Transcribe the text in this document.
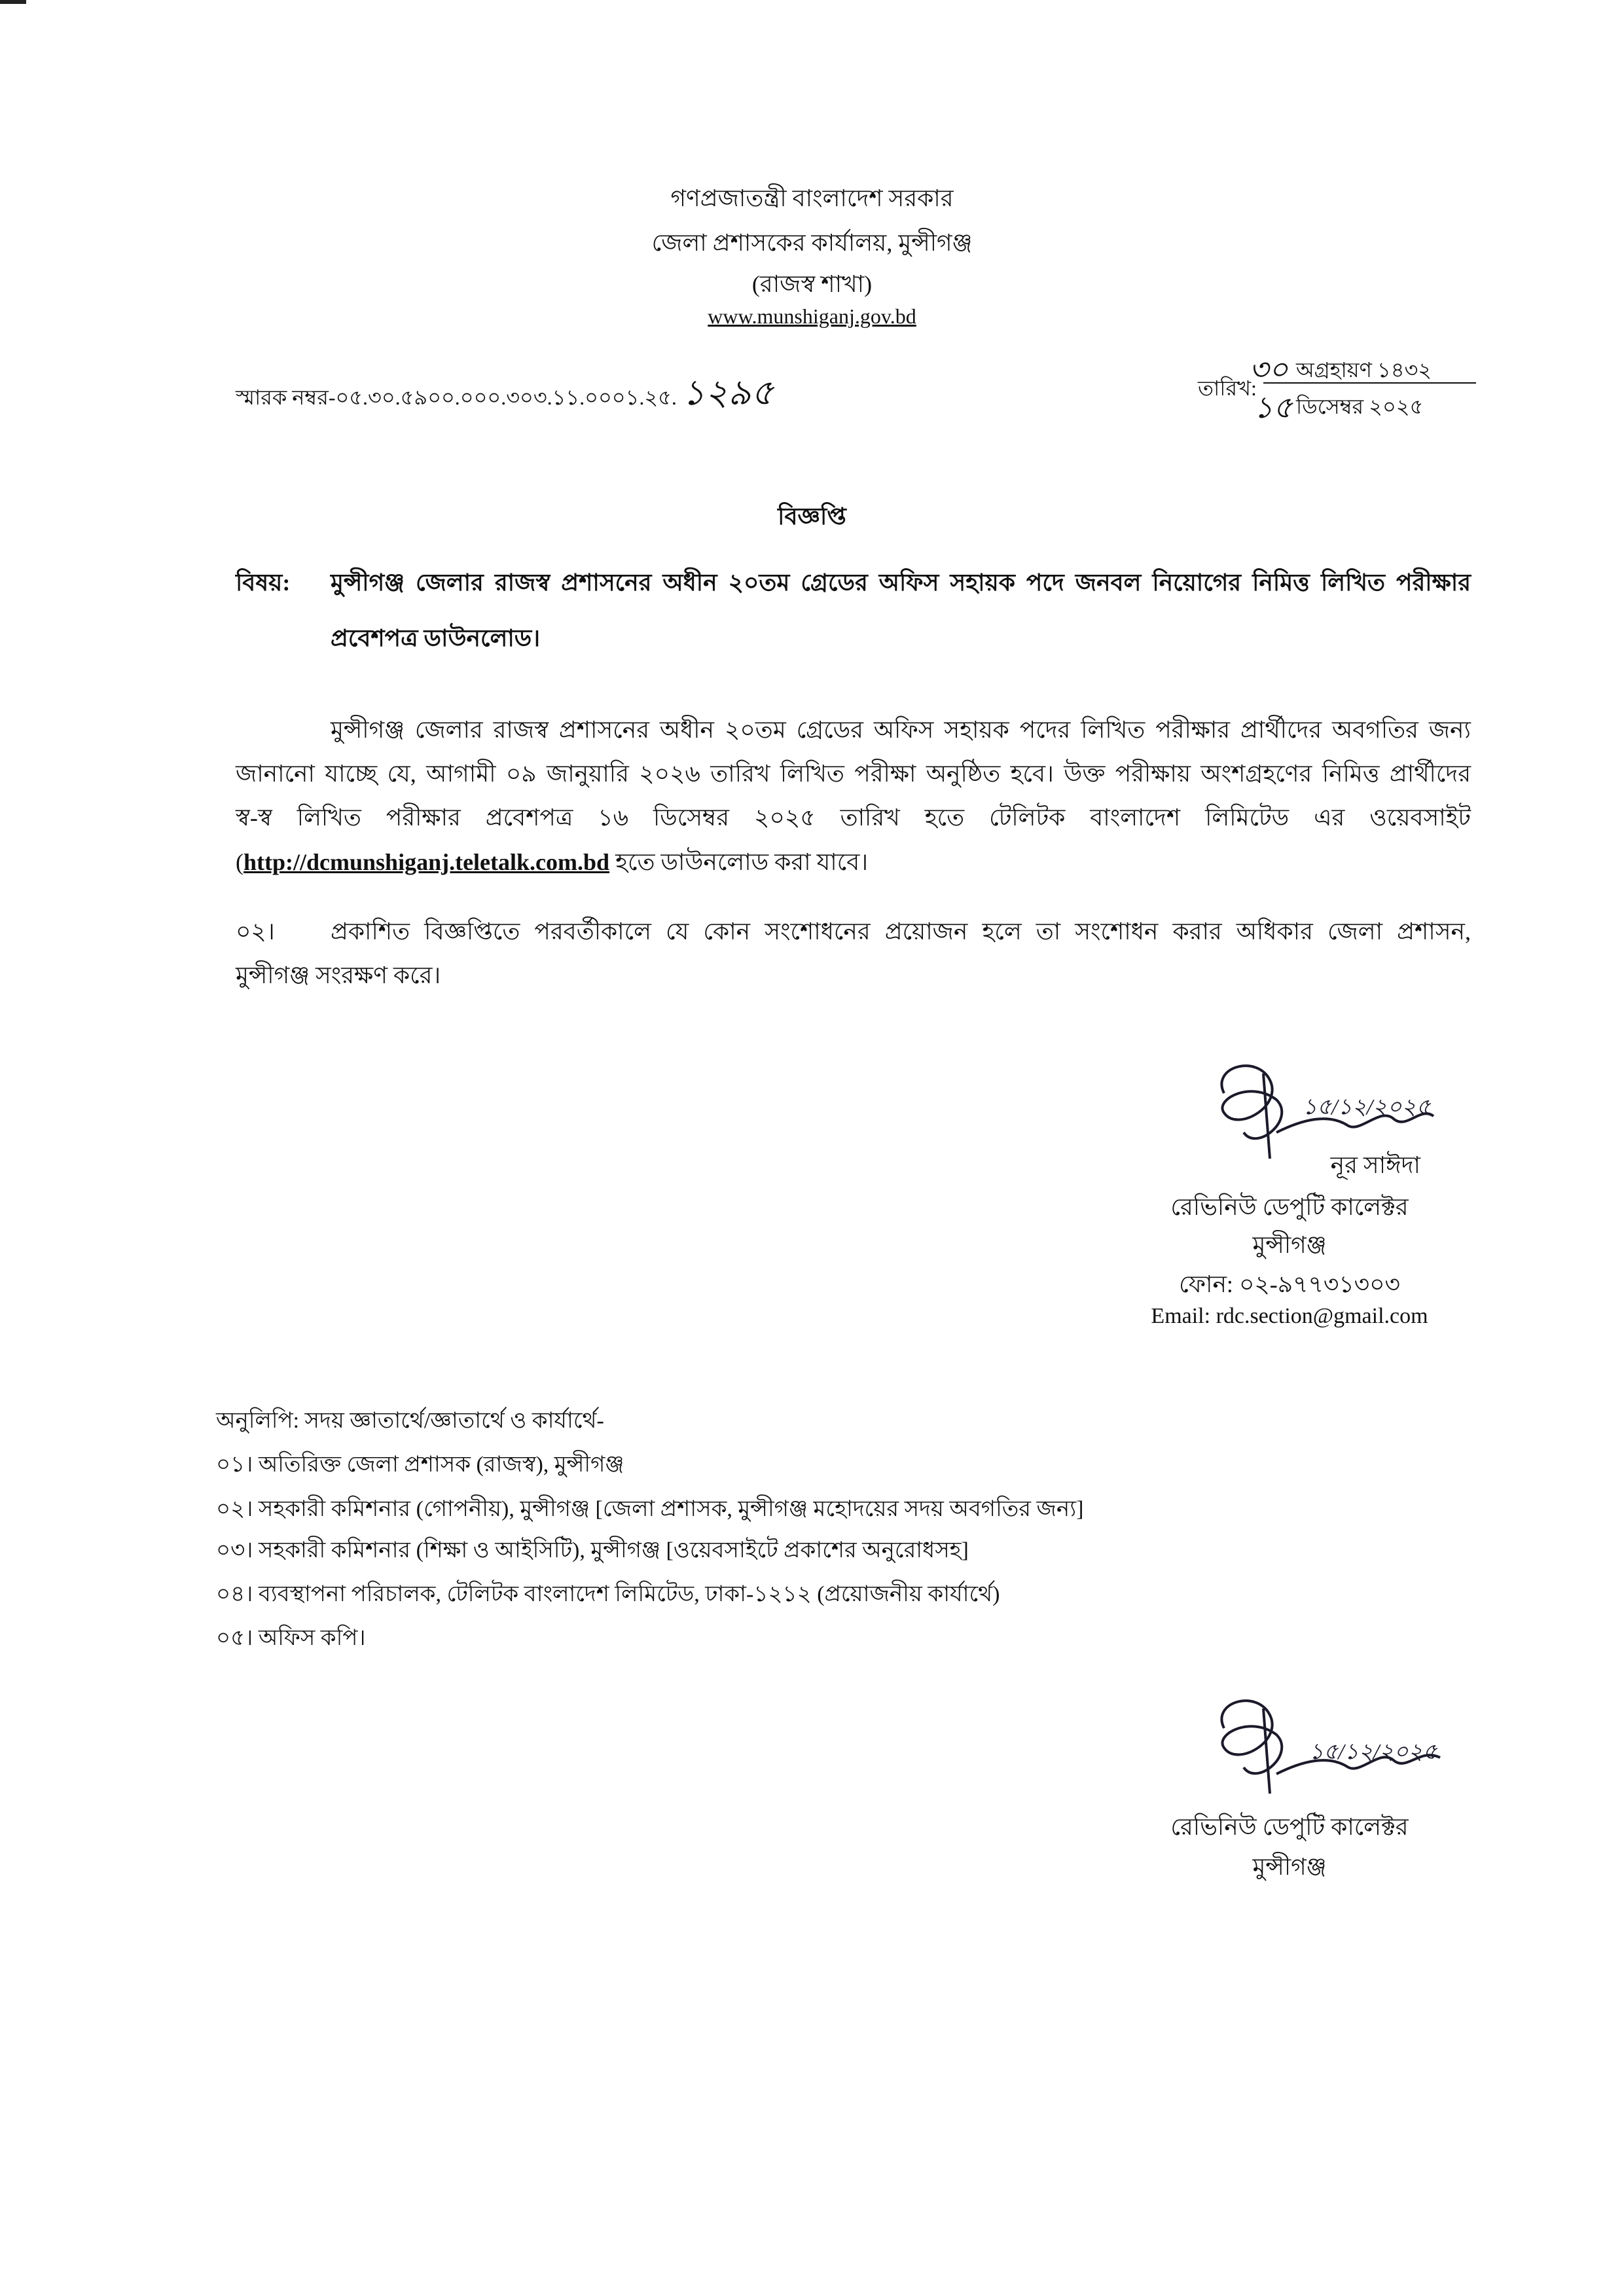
গণপ্রজাতন্ত্রী বাংলাদেশ সরকার
জেলা প্রশাসকের কার্যালয়, মুন্সীগঞ্জ
(রাজস্ব শাখা)
www.munshiganj.gov.bd
স্মারক নম্বর-০৫.৩০.৫৯০০.০০০.৩০৩.১১.০০০১.২৫. ১২৯৫	তারিখ:
৩০ অগ্রহায়ণ ১৪৩২
১৫ ডিসেম্বর ২০২৫
বিজ্ঞপ্তি
বিষয়: মুন্সীগঞ্জ জেলার রাজস্ব প্রশাসনের অধীন ২০তম গ্রেডের অফিস সহায়ক পদে জনবল নিয়োগের নিমিত্ত লিখিত পরীক্ষার
প্রবেশপত্র ডাউনলোড।
মুন্সীগঞ্জ জেলার রাজস্ব প্রশাসনের অধীন ২০তম গ্রেডের অফিস সহায়ক পদের লিখিত পরীক্ষার প্রার্থীদের অবগতির জন্য
জানানো যাচ্ছে যে, আগামী ০৯ জানুয়ারি ২০২৬ তারিখ লিখিত পরীক্ষা অনুষ্ঠিত হবে। উক্ত পরীক্ষায় অংশগ্রহণের নিমিত্ত প্রার্থীদের
স্ব-স্ব লিখিত পরীক্ষার প্রবেশপত্র ১৬ ডিসেম্বর ২০২৫ তারিখ হতে টেলিটক বাংলাদেশ লিমিটেড এর ওয়েবসাইট
(http://dcmunshiganj.teletalk.com.bd হতে ডাউনলোড করা যাবে।
০২। প্রকাশিত বিজ্ঞপ্তিতে পরবর্তীকালে যে কোন সংশোধনের প্রয়োজন হলে তা সংশোধন করার অধিকার জেলা প্রশাসন,
মুন্সীগঞ্জ সংরক্ষণ করে।
১৫/১২/২০২৫
নূর সাঈদা
রেভিনিউ ডেপুটি কালেক্টর
মুন্সীগঞ্জ
ফোন: ০২-৯৭৭৩১৩০৩
Email: rdc.section@gmail.com
অনুলিপি: সদয় জ্ঞাতার্থে/জ্ঞাতার্থে ও কার্যার্থে-
০১। অতিরিক্ত জেলা প্রশাসক (রাজস্ব), মুন্সীগঞ্জ
০২। সহকারী কমিশনার (গোপনীয়), মুন্সীগঞ্জ [জেলা প্রশাসক, মুন্সীগঞ্জ মহোদয়ের সদয় অবগতির জন্য]
০৩। সহকারী কমিশনার (শিক্ষা ও আইসিটি), মুন্সীগঞ্জ [ওয়েবসাইটে প্রকাশের অনুরোধসহ]
০৪। ব্যবস্থাপনা পরিচালক, টেলিটক বাংলাদেশ লিমিটেড, ঢাকা-১২১২ (প্রয়োজনীয় কার্যার্থে)
০৫। অফিস কপি।
১৫/১২/২০২৫
রেভিনিউ ডেপুটি কালেক্টর
মুন্সীগঞ্জ
